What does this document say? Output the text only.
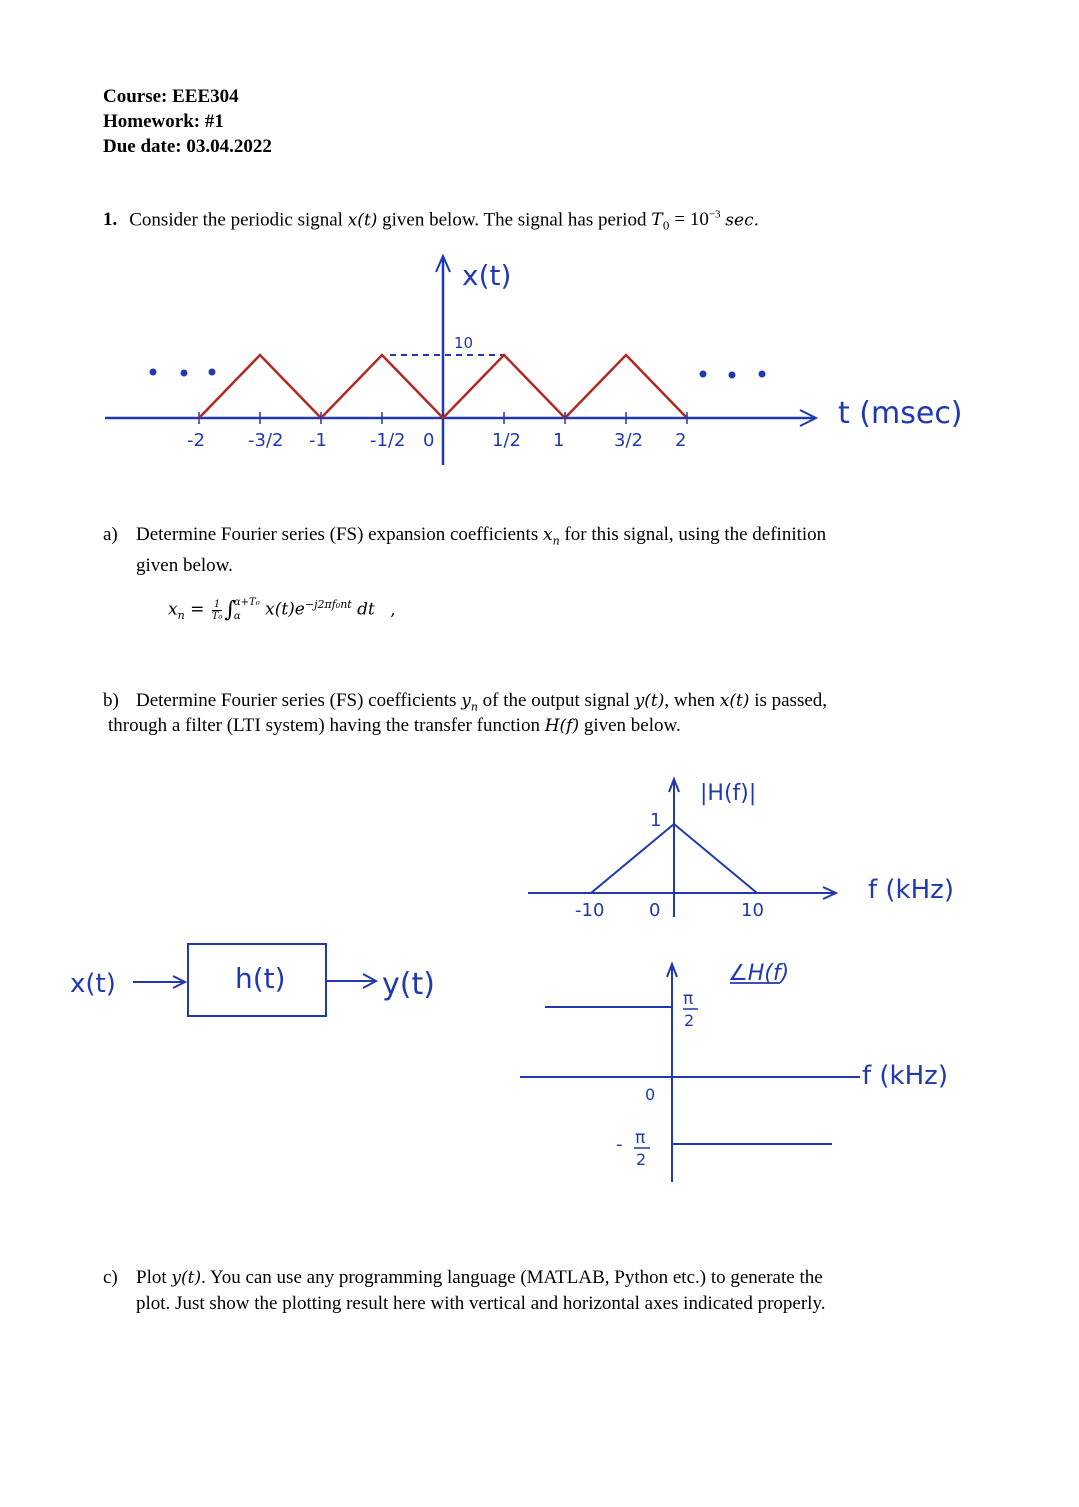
Course: EEE304
Homework: #1
Due date: 03.04.2022
1. Consider the periodic signal x(t) given below. The signal has period $T_0 = 10^{-3}$ sec.
-2 -3/2 -1 -1/2 0	1/2 1	3/2 2
x(t)
10
t (msec)
|H(f)|
1
f (kHz)
-10 0	10
∠H(f)
f (kHz)
0
π
2
- π
2
x(t)	h(t)	y(t)
a) Determine Fourier series (FS) expansion coefficients $x_n$ for this signal, using the definition
given below.
$x_n = \frac{1}{\text{T₀}}$ ∫
α+T₀
α	$x(t)e^{-j2\pi f_0nt}$ dt ,
b) Determine Fourier series (FS) coefficients $y_n$ of the output signal y(t), when x(t) is passed,
through a filter (LTI system) having the transfer function H(f) given below.
c) Plot y(t). You can use any programming language (MATLAB, Python etc.) to generate the
plot. Just show the plotting result here with vertical and horizontal axes indicated properly.
